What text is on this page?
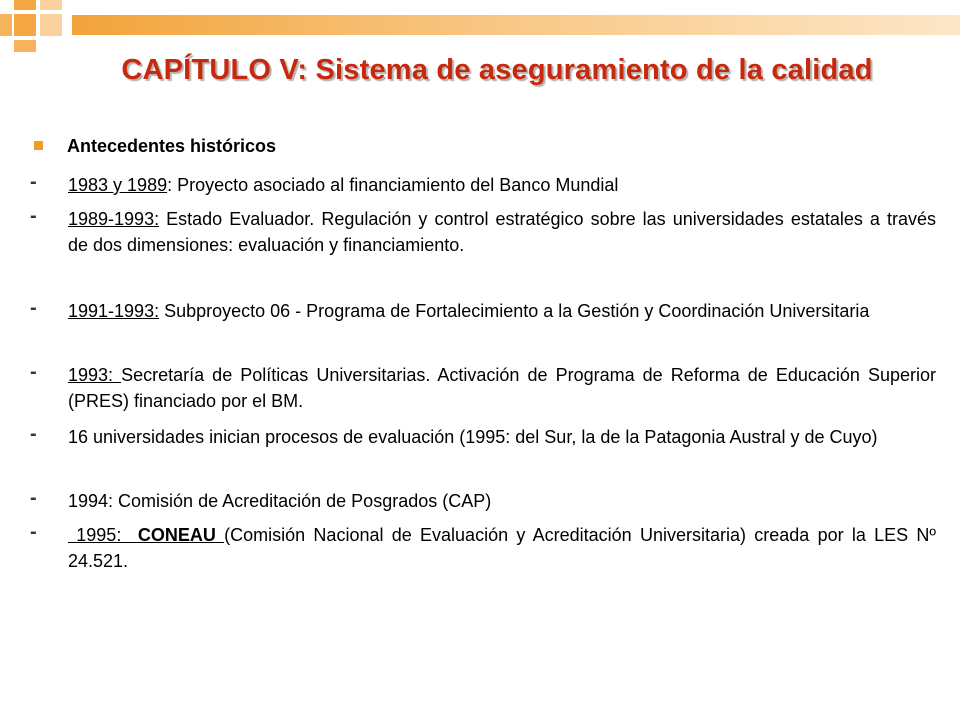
CAPÍTULO V: Sistema de aseguramiento de la calidad
Antecedentes históricos
- 1983 y 1989: Proyecto asociado al financiamiento del Banco Mundial
- 1989-1993: Estado Evaluador. Regulación y control estratégico sobre las universidades estatales a través de dos dimensiones: evaluación y financiamiento.
- 1991-1993: Subproyecto 06 - Programa de Fortalecimiento a la Gestión y Coordinación Universitaria
- 1993: Secretaría de Políticas Universitarias. Activación de Programa de Reforma de Educación Superior (PRES) financiado por el BM.
- 16 universidades inician procesos de evaluación (1995: del Sur, la de la Patagonia Austral y de Cuyo)
- 1994: Comisión de Acreditación de Posgrados (CAP)
- 1995:  CONEAU (Comisión Nacional de Evaluación y Acreditación Universitaria) creada por la LES Nº 24.521.
